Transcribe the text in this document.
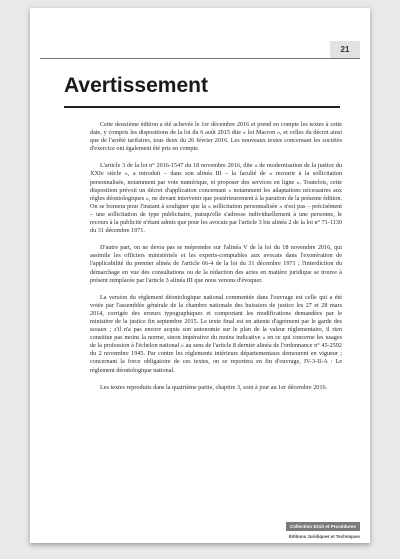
21
Avertissement

Cette deuxième édition a été achevée le 1er décembre 2016 et prend en compte les textes à cette date, y compris les dispositions de la loi du 6 août 2015 dite « loi Macron », et celles du décret ainsi que de l'arrêté tarifaires, tous deux du 26 février 2016. Les nouveaux textes concernant les sociétés d'exercice ont également été pris en compte.

L'article 3 de la loi n° 2016-1547 du 18 novembre 2016, dite « de modernisation de la justice du XXIe siècle », a introduit – dans son alinéa III – la faculté de « recourir à la sollicitation personnalisée, notamment par voie numérique, et proposer des services en ligne ». Toutefois, cette disposition prévoit un décret d'application concernant « notamment les adaptations nécessaires aux règles déontologiques », ne devant intervenir que postérieurement à la parution de la présente édition. On se bornera pour l'instant à souligner que la « sollicitation personnalisée » n'est pas – précisément – une sollicitation de type publicitaire, puisqu'elle s'adresse individuellement à une personne, le recours à la publicité n'étant admis que pour les avocats par l'article 3 bis alinéa 2 de la loi n° 71-1130 du 31 décembre 1971.

D'autre part, on ne devra pas se méprendre sur l'alinéa V de la loi du 18 novembre 2016, qui assimile les officiers ministériels et les experts-comptables aux avocats dans l'exonération de l'applicabilité du premier alinéa de l'article 66-4 de la loi du 31 décembre 1971 ; l'interdiction du démarchage en vue des consultations ou de la rédaction des actes en matière juridique se trouve à présent remplacée par l'article 3 alinéa III que nous venons d'évoquer.

La version du règlement déontologique national commentée dans l'ouvrage est celle qui a été votée par l'assemblée générale de la chambre nationale des huissiers de justice les 27 et 28 mars 2014, corrigée des erreurs typographiques et comportant les modifications demandées par le ministère de la justice fin septembre 2015. Le texte final est en attente d'agrément par le garde des sceaux ; s'il n'a pas encore acquis son autonomie sur le plan de la valeur réglementaire, il rien constitue pas moins la norme, sinon impérative du moins indicative « en ce qui concerne les usages de la profession à l'échelon national » au sens de l'article 8 dernier alinéa de l'ordonnance n° 45-2592 du 2 novembre 1945. Par contre les règlements intérieurs départementaux demeurent en vigueur ; concernant la force obligatoire de ces textes, on se reportera en fin d'ouvrage, IV-3-II-A : Le règlement déontologique national.

Les textes reproduits dans la quatrième partie, chapitre 3, sont à jour au 1er décembre 2016.

Collection Droit et Procédures
Éditions Juridiques et Techniques
